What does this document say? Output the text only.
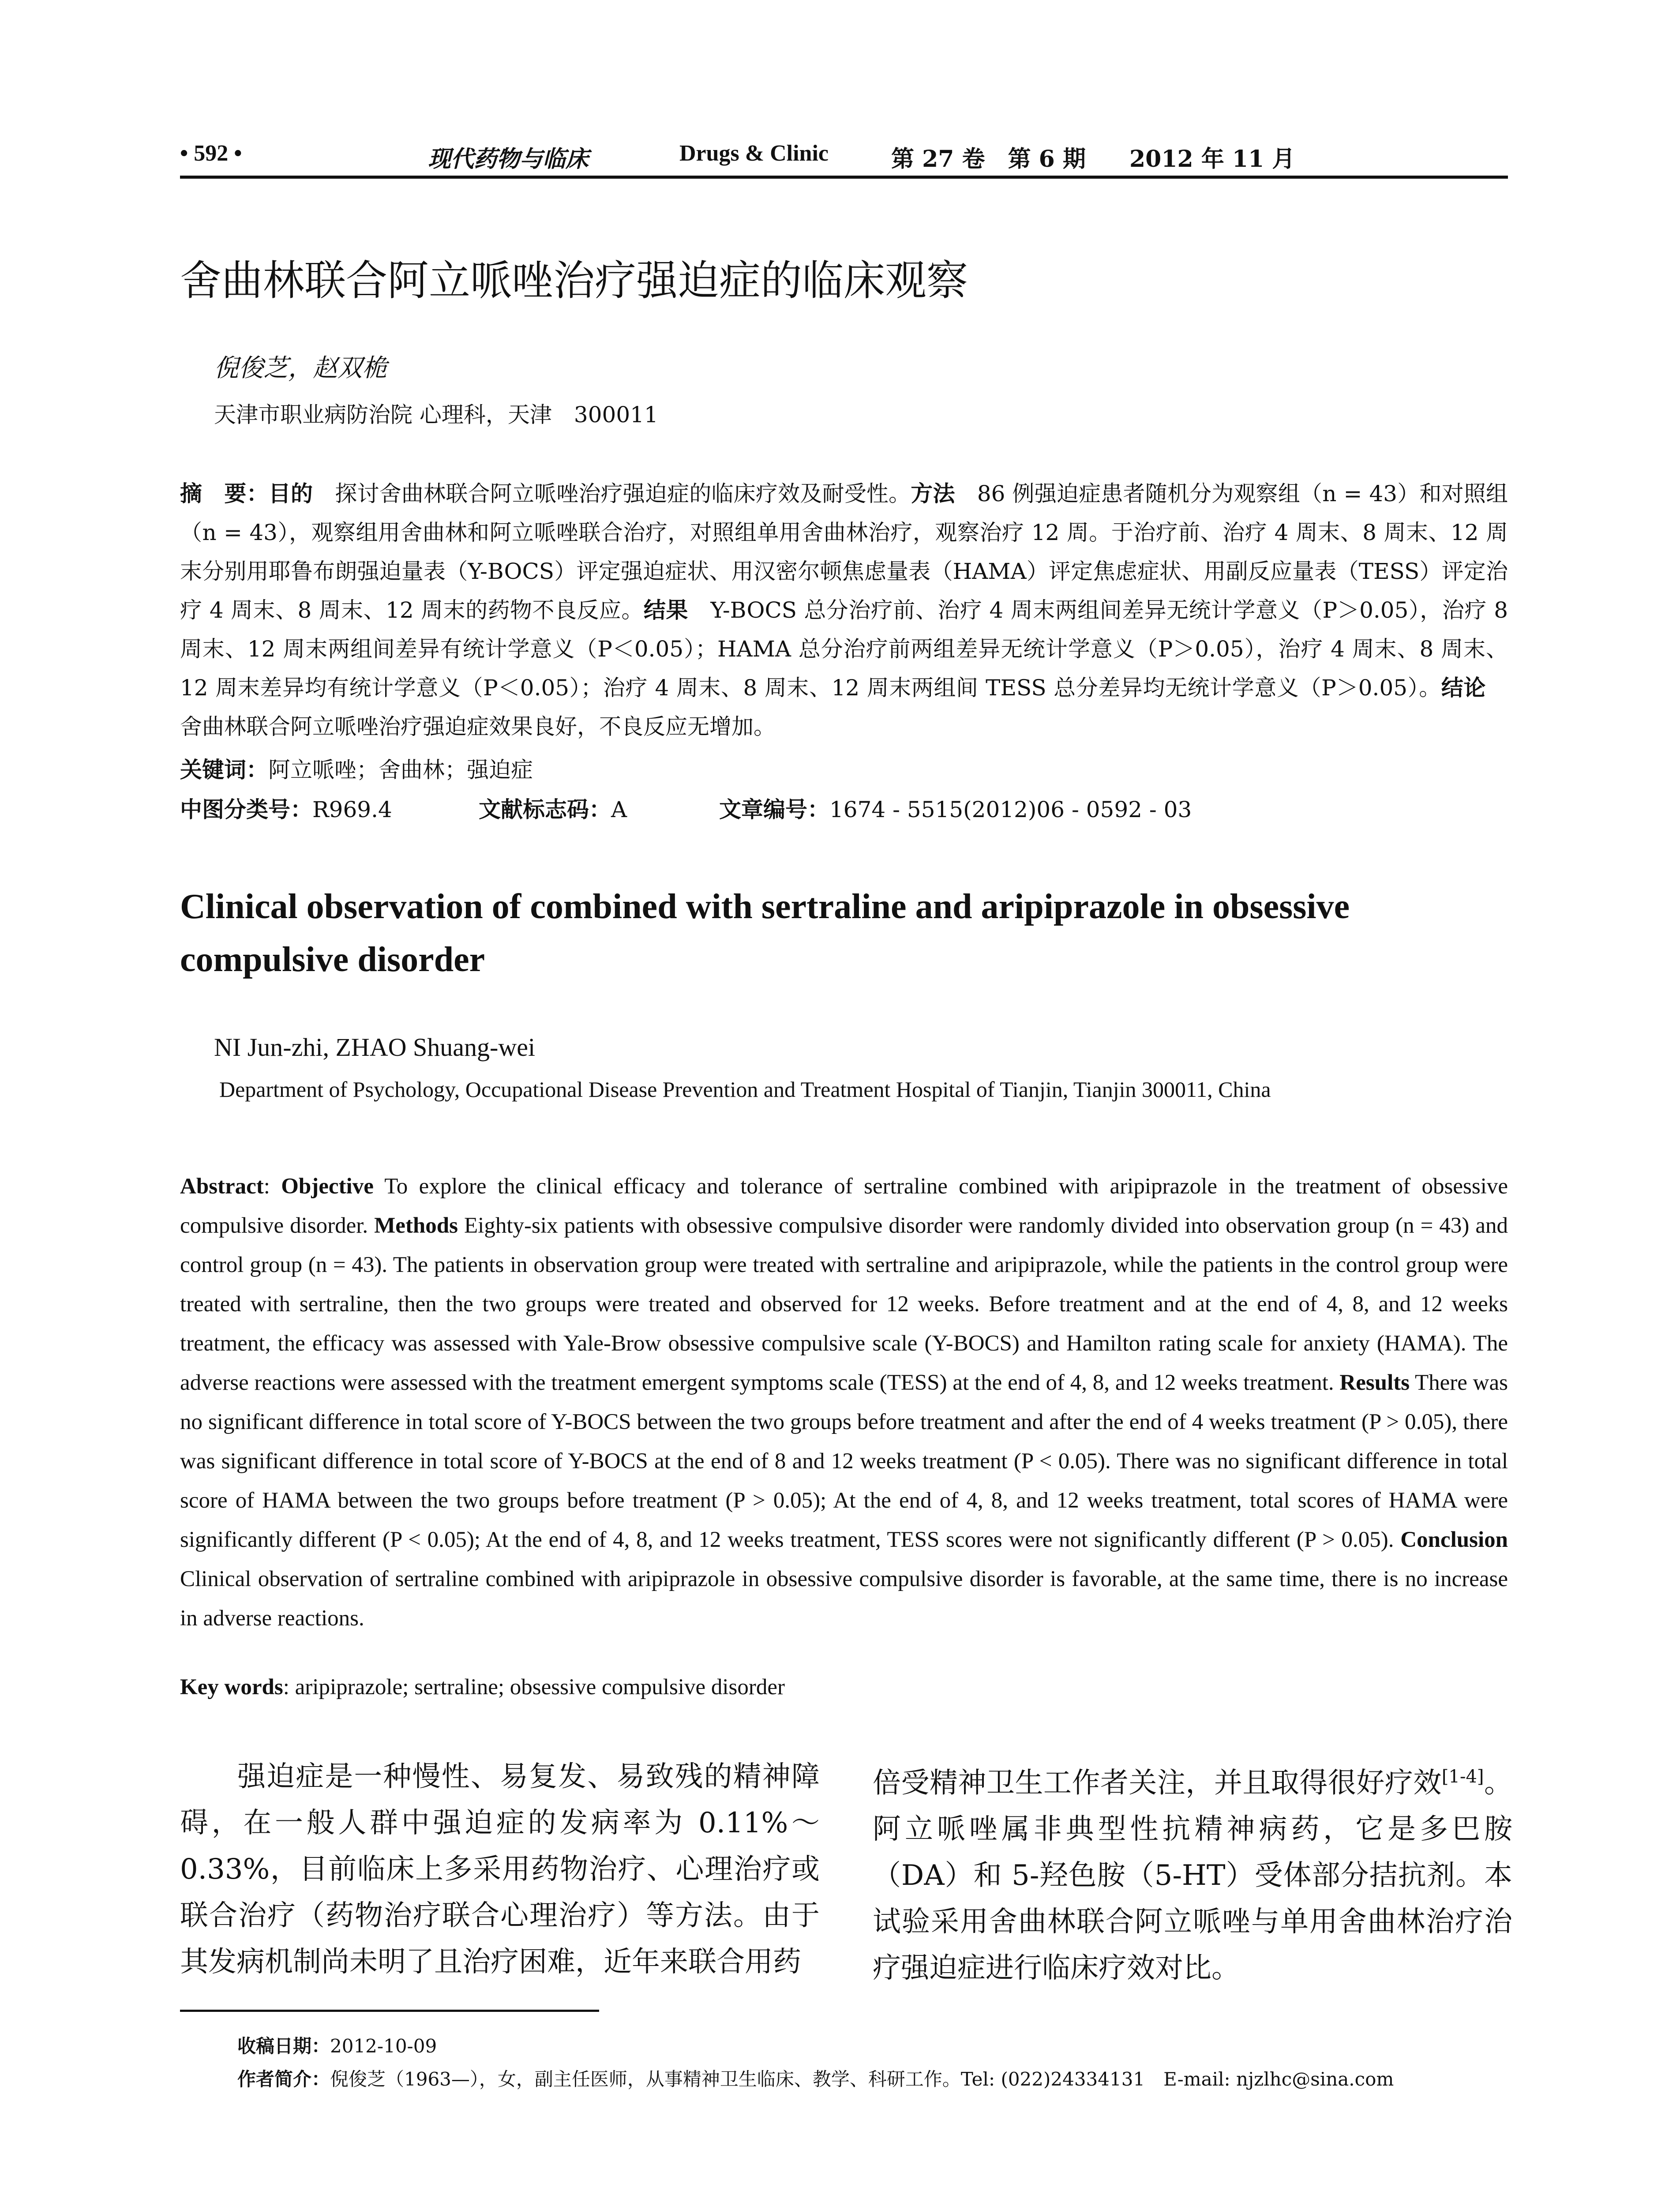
• 592 •	现代药物与临床	Drugs & Clinic	第 27 卷　第 6 期 2012 年 11 月
舍曲林联合阿立哌唑治疗强迫症的临床观察
倪俊芝，赵双桅
天津市职业病防治院 心理科，天津　300011
摘　要：目的　探讨舍曲林联合阿立哌唑治疗强迫症的临床疗效及耐受性。方法　86 例强迫症患者随机分为观察组（n = 43）和对照组（n = 43），观察组用舍曲林和阿立哌唑联合治疗，对照组单用舍曲林治疗，观察治疗 12 周。于治疗前、治疗 4 周末、8 周末、12 周末分别用耶鲁布朗强迫量表（Y-BOCS）评定强迫症状、用汉密尔顿焦虑量表（HAMA）评定焦虑症状、用副反应量表（TESS）评定治疗 4 周末、8 周末、12 周末的药物不良反应。结果　Y-BOCS 总分治疗前、治疗 4 周末两组间差异无统计学意义（P＞0.05），治疗 8 周末、12 周末两组间差异有统计学意义（P＜0.05）；HAMA 总分治疗前两组差异无统计学意义（P＞0.05），治疗 4 周末、8 周末、12 周末差异均有统计学意义（P＜0.05）；治疗 4 周末、8 周末、12 周末两组间 TESS 总分差异均无统计学意义（P＞0.05）。结论　舍曲林联合阿立哌唑治疗强迫症效果良好，不良反应无增加。
关键词：阿立哌唑；舍曲林；强迫症
中图分类号：R969.4	文献标志码：A	文章编号：1674 - 5515(2012)06 - 0592 - 03
Clinical observation of combined with sertraline and aripiprazole in obsessive compulsive disorder
NI Jun-zhi, ZHAO Shuang-wei
Department of Psychology, Occupational Disease Prevention and Treatment Hospital of Tianjin, Tianjin 300011, China
Abstract: Objective To explore the clinical efficacy and tolerance of sertraline combined with aripiprazole in the treatment of obsessive compulsive disorder. Methods Eighty-six patients with obsessive compulsive disorder were randomly divided into observation group (n = 43) and control group (n = 43). The patients in observation group were treated with sertraline and aripiprazole, while the patients in the control group were treated with sertraline, then the two groups were treated and observed for 12 weeks. Before treatment and at the end of 4, 8, and 12 weeks treatment, the efficacy was assessed with Yale-Brow obsessive compulsive scale (Y-BOCS) and Hamilton rating scale for anxiety (HAMA). The adverse reactions were assessed with the treatment emergent symptoms scale (TESS) at the end of 4, 8, and 12 weeks treatment. Results There was no significant difference in total score of Y-BOCS between the two groups before treatment and after the end of 4 weeks treatment (P > 0.05), there was significant difference in total score of Y-BOCS at the end of 8 and 12 weeks treatment (P < 0.05). There was no significant difference in total score of HAMA between the two groups before treatment (P > 0.05); At the end of 4, 8, and 12 weeks treatment, total scores of HAMA were significantly different (P < 0.05); At the end of 4, 8, and 12 weeks treatment, TESS scores were not significantly different (P > 0.05). Conclusion Clinical observation of sertraline combined with aripiprazole in obsessive compulsive disorder is favorable, at the same time, there is no increase in adverse reactions.
Key words: aripiprazole; sertraline; obsessive compulsive disorder
强迫症是一种慢性、易复发、易致残的精神障碍，在一般人群中强迫症的发病率为 0.11%～0.33%，目前临床上多采用药物治疗、心理治疗或联合治疗（药物治疗联合心理治疗）等方法。由于其发病机制尚未明了且治疗困难，近年来联合用药
倍受精神卫生工作者关注，并且取得很好疗效[1-4]。阿立哌唑属非典型性抗精神病药，它是多巴胺（DA）和 5-羟色胺（5-HT）受体部分拮抗剂。本试验采用舍曲林联合阿立哌唑与单用舍曲林治疗治疗强迫症进行临床疗效对比。
收稿日期：2012-10-09
作者简介：倪俊芝（1963—），女，副主任医师，从事精神卫生临床、教学、科研工作。Tel: (022)24334131　E-mail: njzlhc@sina.com
